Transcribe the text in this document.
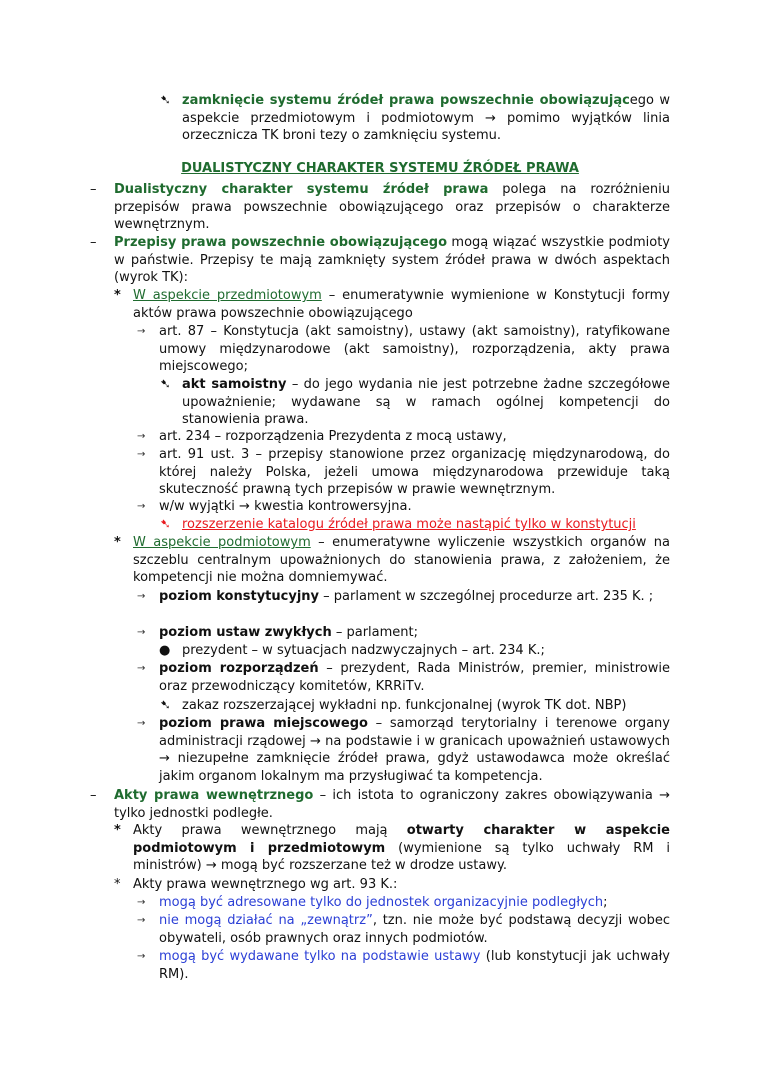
➷ zamknięcie systemu źródeł prawa powszechnie obowiązującego w aspekcie przedmiotowym i podmiotowym → pomimo wyjątków linia orzecznicza TK broni tezy o zamknięciu systemu.
DUALISTYCZNY CHARAKTER SYSTEMU ŹRÓDEŁ PRAWA
– Dualistyczny charakter systemu źródeł prawa polega na rozróżnieniu przepisów prawa powszechnie obowiązującego oraz przepisów o charakterze wewnętrznym.
– Przepisy prawa powszechnie obowiązującego mogą wiązać wszystkie podmioty w państwie. Przepisy te mają zamknięty system źródeł prawa w dwóch aspektach (wyrok TK):
* W aspekcie przedmiotowym – enumeratywnie wymienione w Konstytucji formy aktów prawa powszechnie obowiązującego
→ art. 87 – Konstytucja (akt samoistny), ustawy (akt samoistny), ratyfikowane umowy międzynarodowe (akt samoistny), rozporządzenia, akty prawa miejscowego;
➷ akt samoistny – do jego wydania nie jest potrzebne żadne szczegółowe upoważnienie; wydawane są w ramach ogólnej kompetencji do stanowienia prawa.
→ art. 234 – rozporządzenia Prezydenta z mocą ustawy,
→ art. 91 ust. 3 – przepisy stanowione przez organizację międzynarodową, do której należy Polska, jeżeli umowa międzynarodowa przewiduje taką skuteczność prawną tych przepisów w prawie wewnętrznym.
→ w/w wyjątki → kwestia kontrowersyjna.
➷ rozszerzenie katalogu źródeł prawa może nastąpić tylko w konstytucji
* W aspekcie podmiotowym – enumeratywne wyliczenie wszystkich organów na szczeblu centralnym upoważnionych do stanowienia prawa, z założeniem, że kompetencji nie można domniemywać.
→ poziom konstytucyjny – parlament w szczególnej procedurze art. 235 K. ;
→ poziom ustaw zwykłych – parlament;
● prezydent – w sytuacjach nadzwyczajnych – art. 234 K.;
→ poziom rozporządzeń – prezydent, Rada Ministrów, premier, ministrowie oraz przewodniczący komitetów, KRRiTv.
➷ zakaz rozszerzającej wykładni np. funkcjonalnej (wyrok TK dot. NBP)
→ poziom prawa miejscowego – samorząd terytorialny i terenowe organy administracji rządowej → na podstawie i w granicach upoważnień ustawowych → niezupełne zamknięcie źródeł prawa, gdyż ustawodawca może określać jakim organom lokalnym ma przysługiwać ta kompetencja.
– Akty prawa wewnętrznego – ich istota to ograniczony zakres obowiązywania → tylko jednostki podległe.
* Akty prawa wewnętrznego mają otwarty charakter w aspekcie podmiotowym i przedmiotowym (wymienione są tylko uchwały RM i ministrów) → mogą być rozszerzane też w drodze ustawy.
* Akty prawa wewnętrznego wg art. 93 K.:
→ mogą być adresowane tylko do jednostek organizacyjnie podległych;
→ nie mogą działać na „zewnątrz”, tzn. nie może być podstawą decyzji wobec obywateli, osób prawnych oraz innych podmiotów.
→ mogą być wydawane tylko na podstawie ustawy (lub konstytucji jak uchwały RM).
